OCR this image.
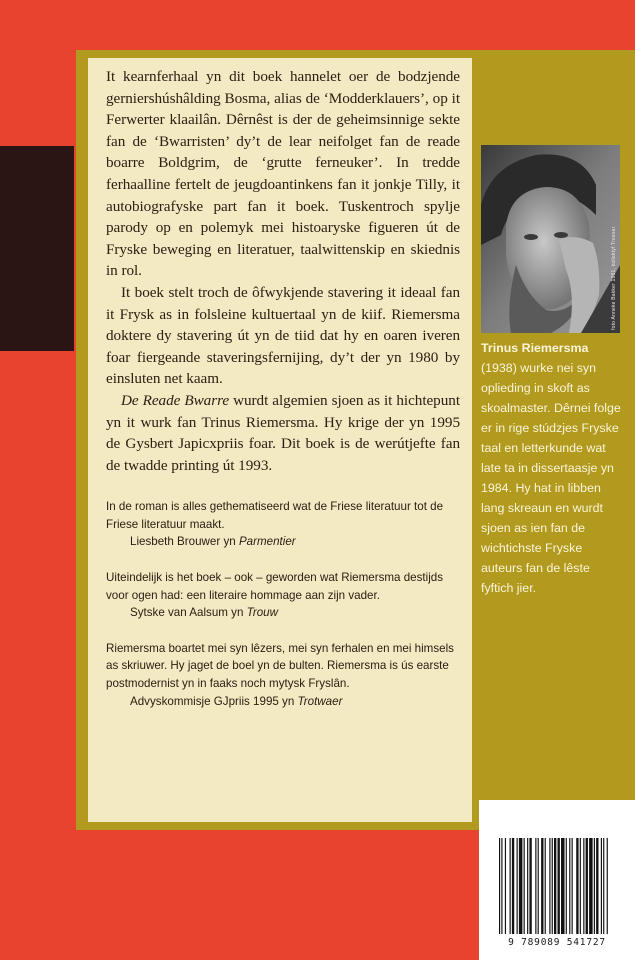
It kearnferhaal yn dit boek hannelet oer de bodzjende gerniershúshâlding Bosma, alias de ‘Modderklauers’, op it Ferwerter klaailân. Dêrnêst is der de geheimsinnige sekte fan de ‘Bwarristen’ dy’t de lear neifolget fan de reade boarre Boldgrim, de ‘grutte ferneuker’. In tredde ferhaalline fertelt de jeugdoantinkens fan it jonkje Tilly, it autobiografyske part fan it boek. Tuskentroch spylje parody op en polemyk mei histoaryske figueren út de Fryske beweging en literatuer, taalwittenskip en skiednis in rol.

It boek stelt troch de ôfwykjende stavering it ideaal fan it Frysk as in folsleine kultuertaal yn de kiif. Riemersma doktere dy stavering út yn de tiid dat hy en oaren iveren foar fiergeande staveringsfernijing, dy’t der yn 1980 by einsluten net kaam.

De Reade Bwarre wurdt algemien sjoen as it hichtepunt yn it wurk fan Trinus Riemersma. Hy krige der yn 1995 de Gysbert Japicxpriis foar. Dit boek is de werútjefte fan de twadde printing út 1993.

In de roman is alles gethematiseerd wat de Friese literatuur tot de Friese literatuur maakt.

Liesbeth Brouwer yn Parmentier

Uiteindelijk is het boek – ook – geworden wat Riemersma destijds voor ogen had: een literaire hommage aan zijn vader.

Sytske van Aalsum yn Trouw

Riemersma boartet mei syn lêzers, mei syn ferhalen en mei himsels as skriuwer. Hy jaget de boel yn de bulten. Riemersma is ús earste postmodernist yn in faaks noch mytysk Fryslân.

Advyskommisje GJpriis 1995 yn Trotwaer

foto Anneke Bakker 1981, kollektyf Tresoar
Trinus Riemersma
(1938) wurke nei syn oplieding in skoft as skoalmaster. Dêrnei folge er in rige stúdzjes Fryske taal en letterkunde wat late ta in dissertaasje yn 1984. Hy hat in libben lang skreaun en wurdt sjoen as ien fan de wichtichste Fryske auteurs fan de lêste fyftich jier.
9 789089 541727
